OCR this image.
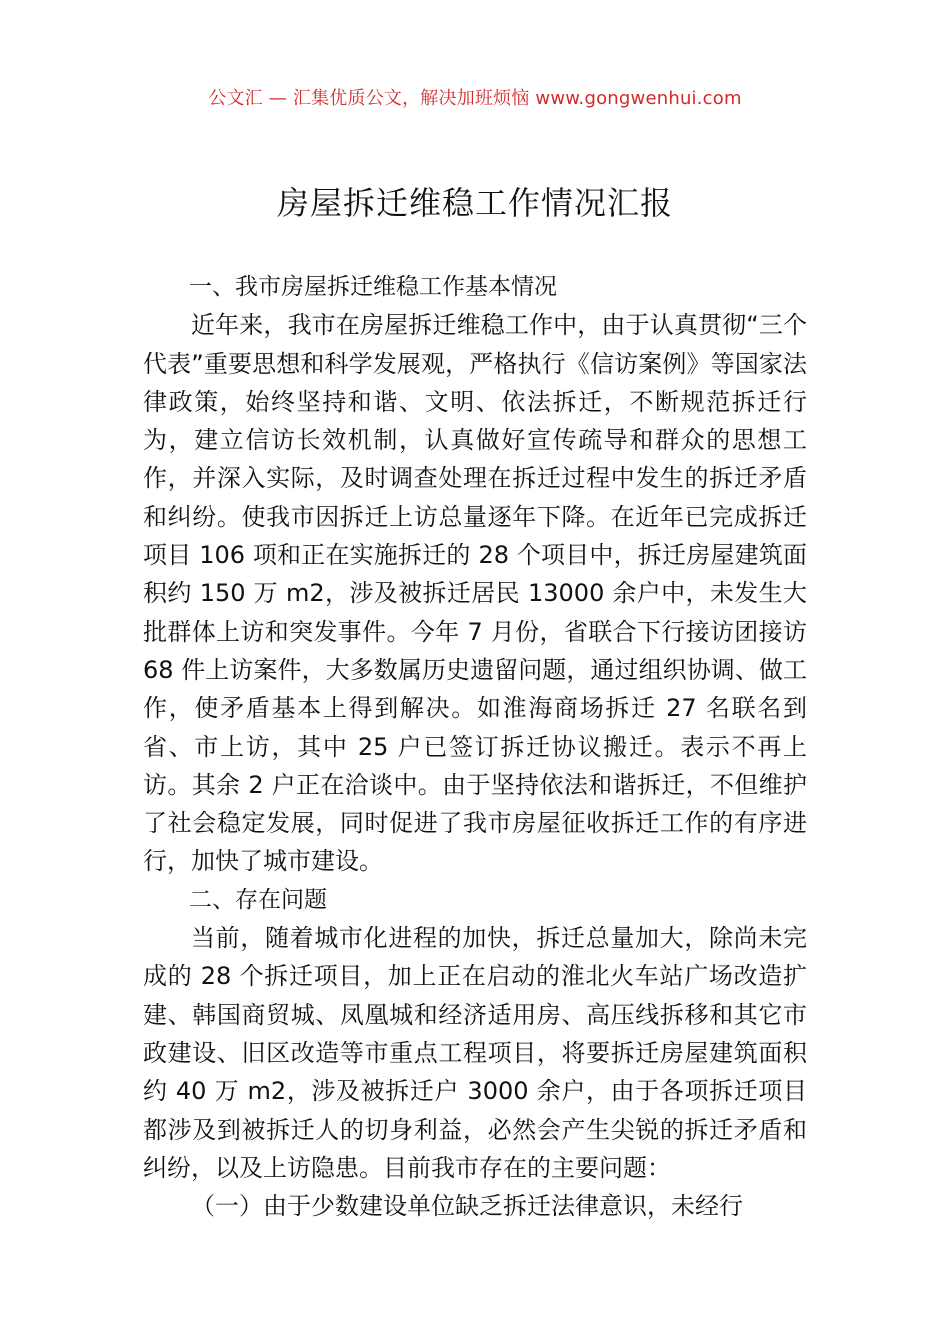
公文汇 — 汇集优质公文，解决加班烦恼 www.gongwenhui.com
房屋拆迁维稳工作情况汇报

一、我市房屋拆迁维稳工作基本情况

近年来，我市在房屋拆迁维稳工作中，由于认真贯彻“三个代表”重要思想和科学发展观，严格执行《信访案例》等国家法律政策，始终坚持和谐、文明、依法拆迁，不断规范拆迁行为，建立信访长效机制，认真做好宣传疏导和群众的思想工作，并深入实际，及时调查处理在拆迁过程中发生的拆迁矛盾和纠纷。使我市因拆迁上访总量逐年下降。在近年已完成拆迁项目 106 项和正在实施拆迁的 28 个项目中，拆迁房屋建筑面积约 150 万 m2，涉及被拆迁居民 13000 余户中，未发生大批群体上访和突发事件。今年 7 月份，省联合下行接访团接访 68 件上访案件，大多数属历史遗留问题，通过组织协调、做工作，使矛盾基本上得到解决。如淮海商场拆迁 27 名联名到省、市上访，其中 25 户已签订拆迁协议搬迁。表示不再上访。其余 2 户正在洽谈中。由于坚持依法和谐拆迁，不但维护了社会稳定发展，同时促进了我市房屋征收拆迁工作的有序进行，加快了城市建设。

二、存在问题

当前，随着城市化进程的加快，拆迁总量加大，除尚未完成的 28 个拆迁项目，加上正在启动的淮北火车站广场改造扩建、韩国商贸城、凤凰城和经济适用房、高压线拆移和其它市政建设、旧区改造等市重点工程项目，将要拆迁房屋建筑面积约 40 万 m2，涉及被拆迁户 3000 余户，由于各项拆迁项目都涉及到被拆迁人的切身利益，必然会产生尖锐的拆迁矛盾和纠纷，以及上访隐患。目前我市存在的主要问题：

（一）由于少数建设单位缺乏拆迁法律意识，未经行
